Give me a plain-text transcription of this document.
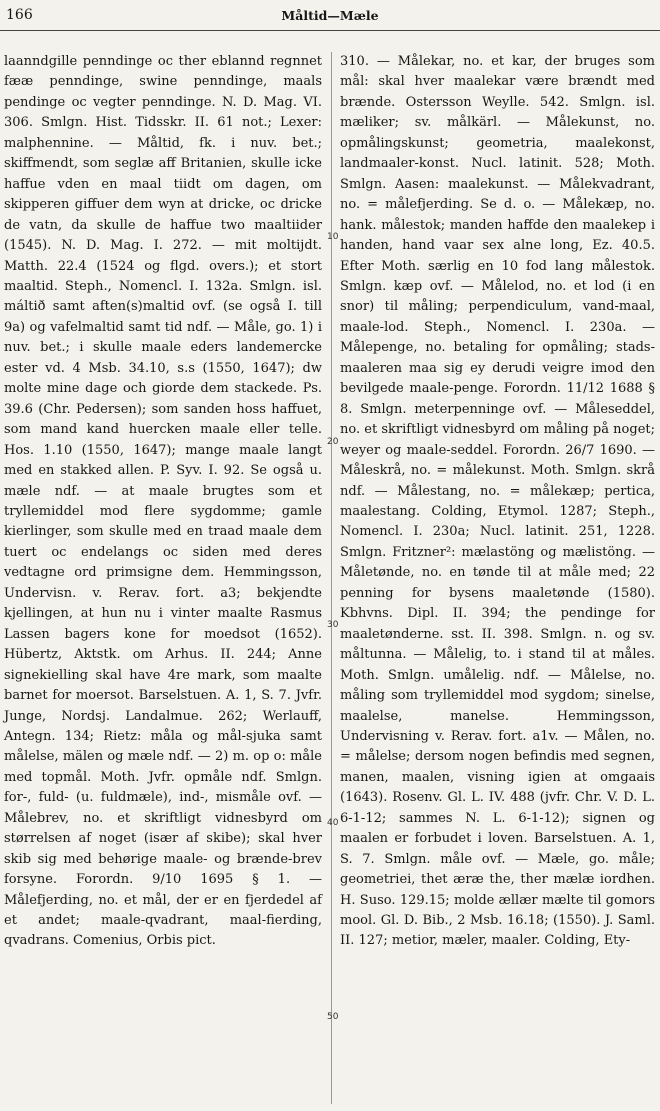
166	Måltid—Mæle

laanndgille penndinge oc ther eblannd regnnet fææ penndinge, swine penndinge, maals pendinge oc vegter penndinge. N. D. Mag. VI. 306. Smlgn. Hist. Tidsskr. II. 61 not.; Lexer: malphennine. — Måltid, fk. i nuv. bet.; skiffmendt, som seglæ aff Britanien, skulle icke haffue vden en maal tiidt om dagen, om skipperen giffuer dem wyn at dricke, oc dricke de vatn, da skulle de haffue two maaltiider (1545). N. D. Mag. I. 272. — mit moltijdt. Matth. 22.4 (1524 og flgd. overs.); et stort maaltid. Steph., Nomencl. I. 132a. Smlgn. isl. máltið samt aften(s)maltid ovf. (se også I. till 9a) og vafelmaltid samt tid ndf. — Måle, go. 1) i nuv. bet.; i skulle maale eders landemercke ester vd. 4 Msb. 34.10, s.s (1550, 1647); dw molte mine dage och giorde dem stackede. Ps. 39.6 (Chr. Pedersen); som sanden hoss haffuet, som mand kand huercken maale eller telle. Hos. 1.10 (1550, 1647); mange maale langt med en stakked allen. P. Syv. I. 92. Se også u. mæle ndf. — at maale brugtes som et tryllemiddel mod flere sygdomme; gamle kierlinger, som skulle med en traad maale dem tuert oc endelangs oc siden med deres vedtagne ord primsigne dem. Hemmingsson, Undervisn. v. Rerav. fort. a3; bekjendte kjellingen, at hun nu i vinter maalte Rasmus Lassen bagers kone for moedsot (1652). Hübertz, Aktstk. om Arhus. II. 244; Anne signekielling skal have 4re mark, som maalte barnet for moersot. Barselstuen. A. 1, S. 7. Jvfr. Junge, Nordsj. Landalmue. 262; Werlauff, Antegn. 134; Rietz: måla og mål-sjuka samt målelse, mälen og mæle ndf. — 2) m. op o: måle med topmål. Moth. Jvfr. opmåle ndf. Smlgn. for-, fuld- (u. fuldmæle), ind-, mismåle ovf. — Målebrev, no. et skriftligt vidnesbyrd om størrelsen af noget (især af skibe); skal hver skib sig med behørige maale- og brænde-brev forsyne. Forordn. 9/10 1695 § 1. — Målefjerding, no. et mål, der er en fjerdedel af et andet; maale-qvadrant, maal-fierding, qvadrans. Comenius, Orbis pict.

10
20
30
40
50

310. — Målekar, no. et kar, der bruges som mål: skal hver maalekar være brændt med brænde. Ostersson Weylle. 542. Smlgn. isl. mæliker; sv. målkärl. — Målekunst, no. opmålingskunst; geometria, maalekonst, landmaaler-konst. Nucl. latinit. 528; Moth. Smlgn. Aasen: maalekunst. — Målekvadrant, no. = målefjerding. Se d. o. — Målekæp, no. hank. målestok; manden haffde den maalekep i handen, hand vaar sex alne long, Ez. 40.5. Efter Moth. særlig en 10 fod lang målestok. Smlgn. kæp ovf. — Målelod, no. et lod (i en snor) til måling; perpendiculum, vand-maal, maale-lod. Steph., Nomencl. I. 230a. — Målepenge, no. betaling for opmåling; stads-maaleren maa sig ey derudi veigre imod den bevilgede maale-penge. Forordn. 11/12 1688 § 8. Smlgn. meterpenninge ovf. — Måleseddel, no. et skriftligt vidnesbyrd om måling på noget; weyer og maale-seddel. Forordn. 26/7 1690. — Måleskrå, no. = målekunst. Moth. Smlgn. skrå ndf. — Målestang, no. = målekæp; pertica, maalestang. Colding, Etymol. 1287; Steph., Nomencl. I. 230a; Nucl. latinit. 251, 1228. Smlgn. Fritzner²: mælastöng og mælistöng. — Måletønde, no. en tønde til at måle med; 22 penning for bysens maaletønde (1580). Kbhvns. Dipl. II. 394; the pendinge for maaletønderne. sst. II. 398. Smlgn. n. og sv. måltunna. — Målelig, to. i stand til at måles. Moth. Smlgn. umålelig. ndf. — Målelse, no. måling som tryllemiddel mod sygdom; sinelse, maalelse, manelse. Hemmingsson, Undervisning v. Rerav. fort. a1v. — Målen, no. = målelse; dersom nogen befindis med segnen, manen, maalen, visning igien at omgaais (1643). Rosenv. Gl. L. IV. 488 (jvfr. Chr. V. D. L. 6-1-12; sammes N. L. 6-1-12); signen og maalen er forbudet i loven. Barselstuen. A. 1, S. 7. Smlgn. måle ovf. — Mæle, go. måle; geometriei, thet æræ the, ther mælæ iordhen. H. Suso. 129.15; molde ællær mælte til gomors mool. Gl. D. Bib., 2 Msb. 16.18; (1550). J. Saml. II. 127; metior, mæler, maaler. Colding, Ety-
